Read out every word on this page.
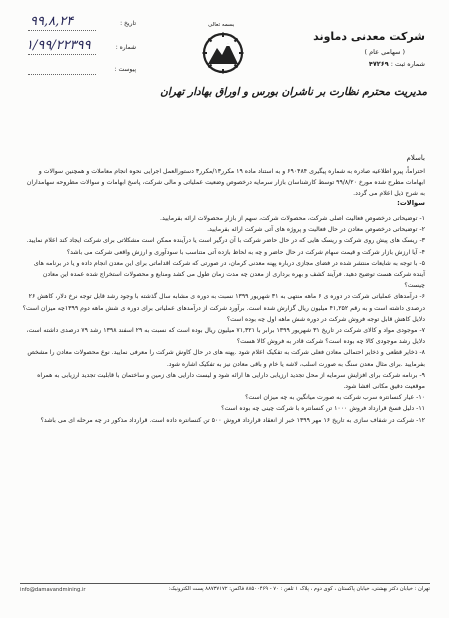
۹۹,۸,۲۴	تاریخ :
۱/۹۹/۲۲۳۹۹	شماره :
پیوست :
بسمه تعالی
شرکت معدنی دماوند
( سهامی عام )
شماره ثبت : ۴۷۲۶۹
مدیریت محترم نظارت بر ناشران بورس و اوراق بهادار تهران
باسلام
احتراماً، پیرو اطلاعیه صادره به شماره پیگیری ۶۹۰۴۸۴ و به استناد ماده ۱۹ مکرر۱۳/مکرر۳ دستورالعمل اجرایی نحوه انجام معاملات و همچنین سوالات و ابهامات مطرح شده مورخ ۹۹/۸/۲۰ توسط کارشناسان بازار سرمایه درخصوص وضعیت عملیاتی و مالی شرکت، پاسخ ابهامات و سوالات مطروحه سهامداران به شرح ذیل اعلام می گردد.
سوالات:

۱- توضیحاتی درخصوص فعالیت اصلی شرکت، محصولات شرکت، سهم از بازار محصولات ارائه بفرمایید.

۲- توضیحاتی درخصوص معادن در حال فعالیت و پروژه های آتی شرکت ارائه بفرمایید.

۳- ریسک های پیش روی شرکت و ریسک هایی که در حال حاضر شرکت با آن درگیر است یا درآینده ممکن است مشکلاتی برای شرکت ایجاد کند اعلام نمایید.

۴- آیا ارزش بازار شرکت و قیمت سهام شرکت در حال حاضر و چه به لحاظ بازده آتی متناسب با سودآوری و ارزش واقعی شرکت می باشد؟

۵- با توجه به شایعات منتشر شده در فضای مجازی درباره پهنه معدنی کرمان، در صورتی که شرکت اقداماتی برای این معدن انجام داده و یا در برنامه های آینده شرکت هست توضیح دهید. فرآیند کشف و بهره برداری از معدن چه مدت زمان طول می کشد ومنابع و محصولات استخراج شده عمده این معادن چیست؟

۶- درآمدهای عملیاتی شرکت در دوره ی ۶ ماهه منتهی به ۳۱ شهریور ۱۳۹۹ نسبت به دوره ی مشابه سال گذشته با وجود رشد قابل توجه نرخ دلار، کاهش ۲۶ درصدی داشته است و به رقم ۴۱,۲۵۲ میلیون ریال گزارش شده است. برآورد شرکت از درآمدهای عملیاتی برای دوره ی شش ماهه دوم ۱۳۹۹چه میزان است؟ دلایل کاهش قابل توجه فروش شرکت در دوره شش ماهه اول چه بوده است؟

۷- موجودی مواد و کالای شرکت در تاریخ ۳۱ شهریور ۱۳۹۹ برابر با ۷۱,۳۲۱ میلیون ریال بوده است که نسبت به ۲۹ اسفند ۱۳۹۸ رشد ۷۹ درصدی داشته است، دلایل رشد موجودی کالا چه بوده است؟ شرکت قادر به فروش کالا هست؟

۸- ذخایر قطعی و ذخایر احتمالی معادن فعلی شرکت به تفکیک اعلام شود .پهنه های در حال کاوش شرکت را معرفی نمایید. نوع محصولات معادن را مشخص بفرمایید .برای مثال معدن سنگ به صورت اسلب، لاشه یا خام و باقی معادن نیز به تفکیک اشاره شود.

۹- برنامه شرکت برای افزایش سرمایه از محل تجدید ارزیابی دارایی ها ارائه شود و لیست دارایی های زمین و ساختمان با قابلیت تجدید ارزیابی به همراه موقعیت دقیق مکانی افشا شود.

۱۰- عیار کنسانتره سرب شرکت به صورت میانگین به چه میزان است؟

۱۱- دلیل فسخ قرارداد فروش ۱۰۰۰ تن کنسانتره با شرکت چینی چه بوده است؟

۱۲- شرکت در شفاف سازی به تاریخ ۱۶ مهر ۱۳۹۹ خبر از انعقاد قرارداد فروش ۵۰۰ تن کنسانتره داده است. قرارداد مذکور در چه مرحله ای می باشد؟

تهران : خیابان دکتر بهشتی، خیابان پاکستان ، کوی دوم ، پلاک ۱ تلفن : ۷۰ - ۸۸۵۰۰۴۶۹ فاکس: ۸۸۷۳۷۱۷۲ پست الکترونیک:
info@damavandmining.ir
